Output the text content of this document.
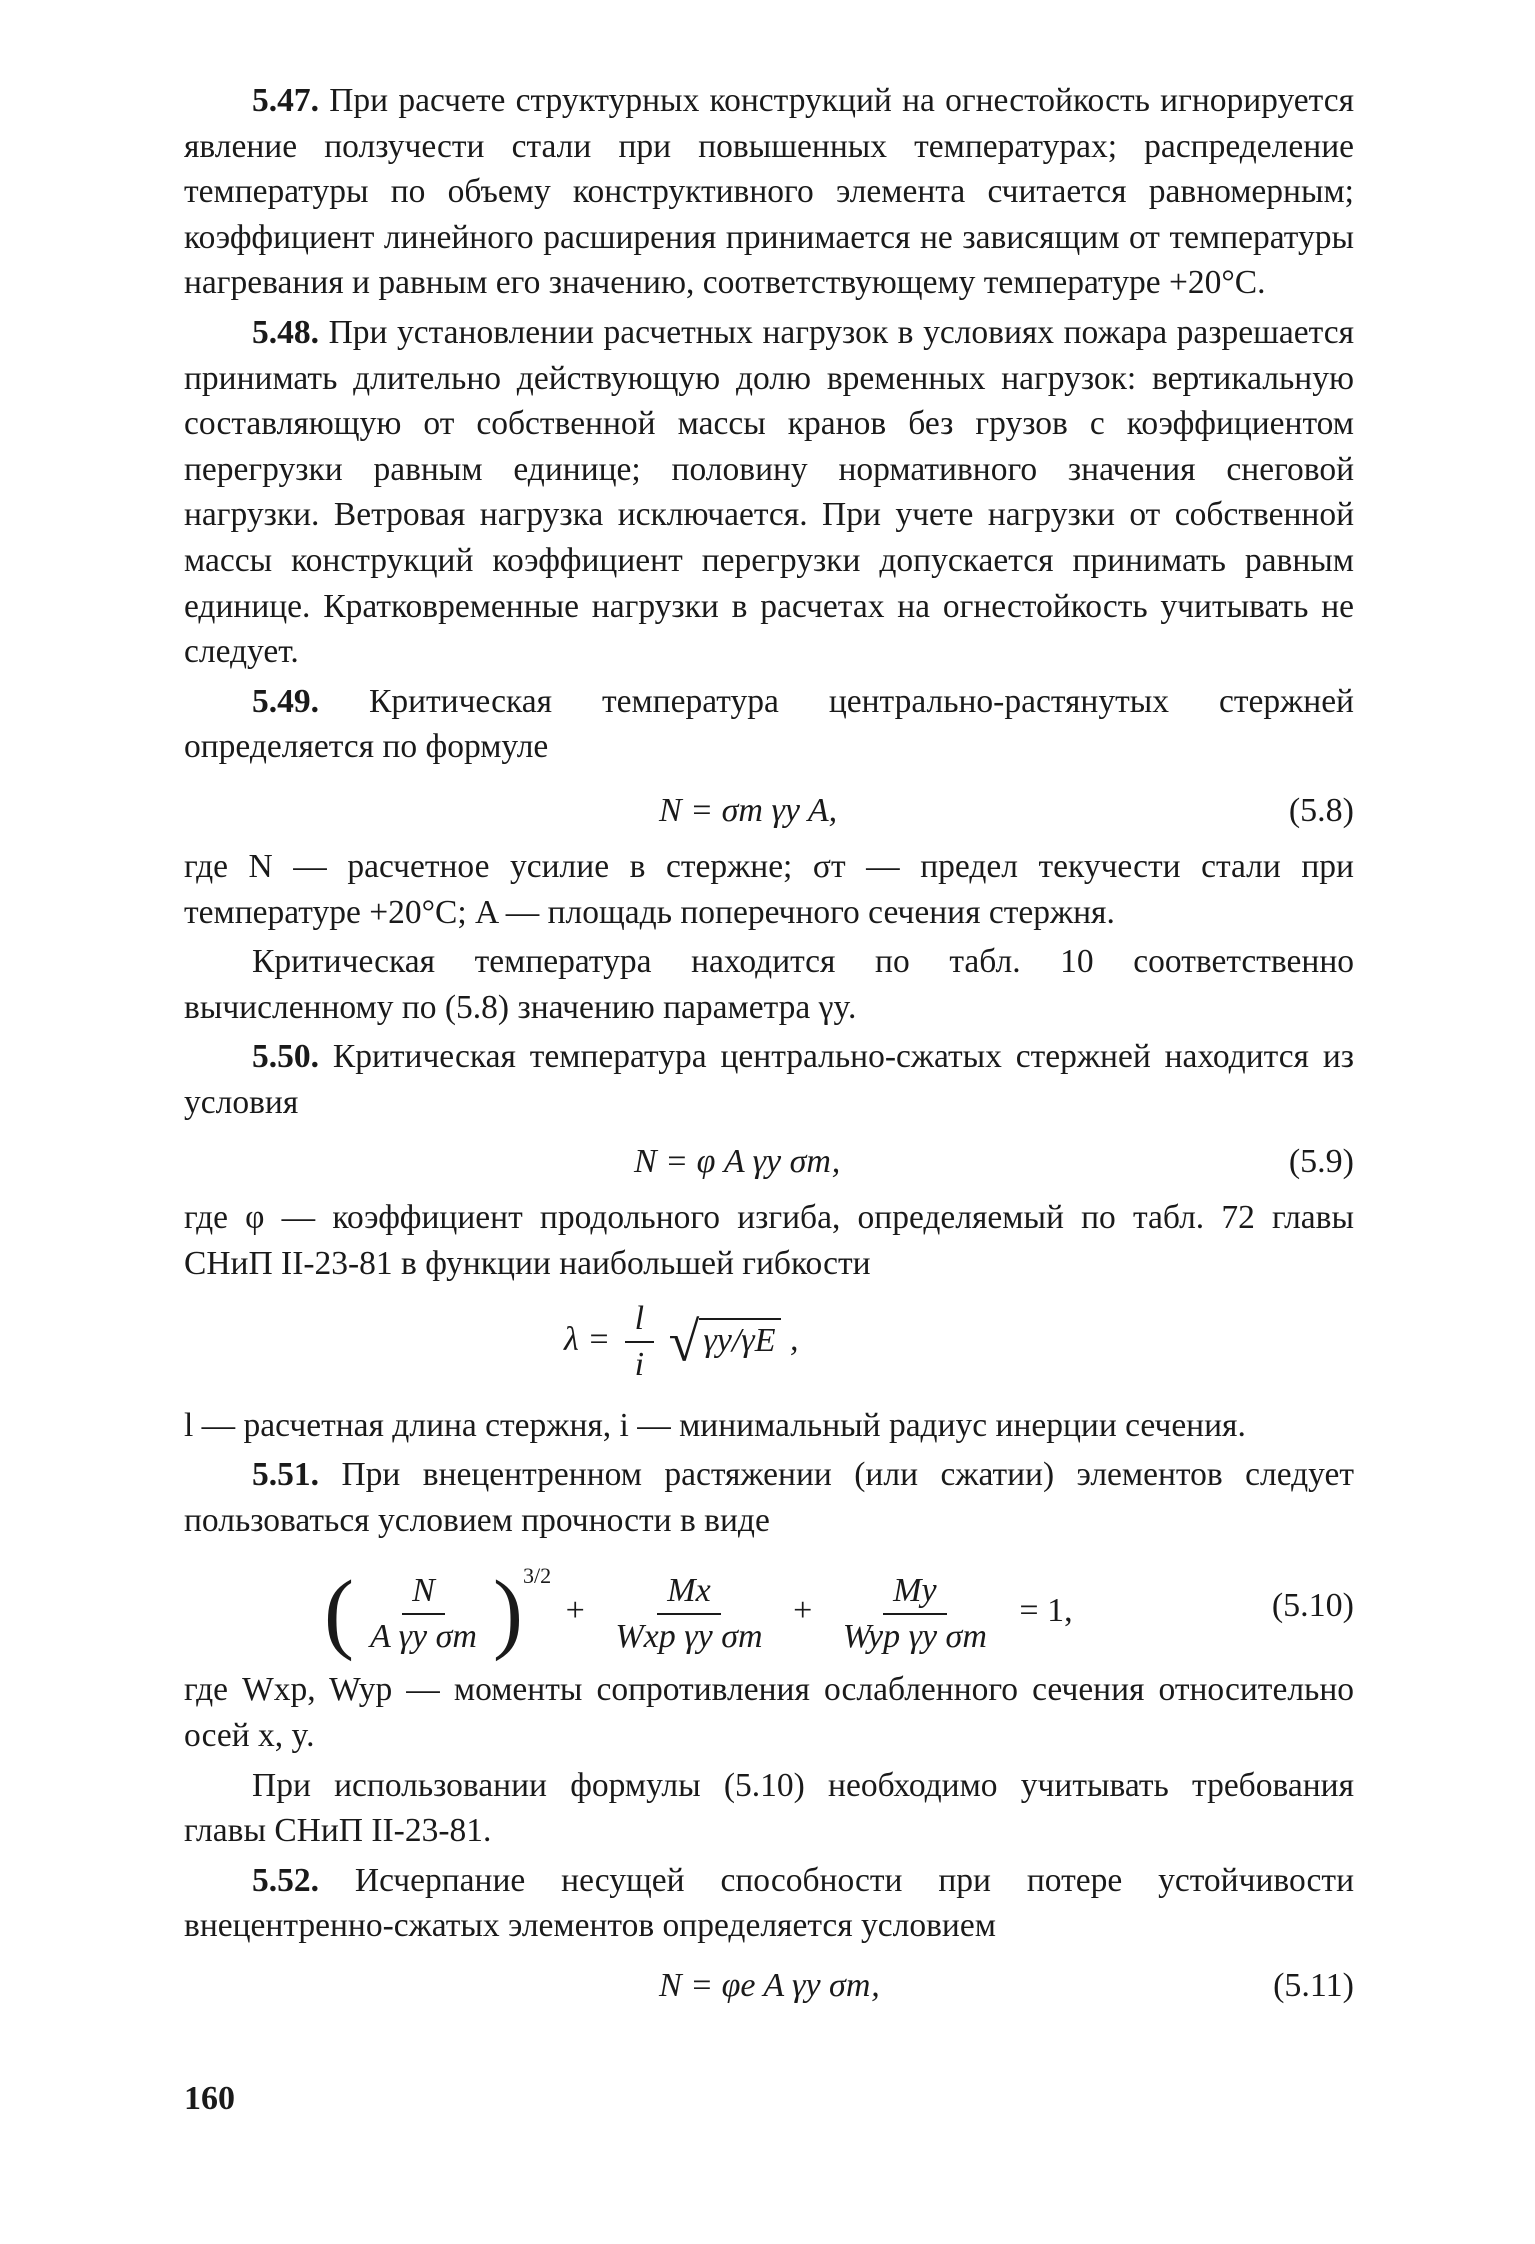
5.47. При расчете структурных конструкций на огнестойкость игнорируется явление ползучести стали при повышенных температурах; распределение температуры по объему конструктивного элемента считается равномерным; коэффициент линейного расширения принимается не зависящим от температуры нагревания и равным его значению, соответствующему температуре +20°С.

5.48. При установлении расчетных нагрузок в условиях пожара разрешается принимать длительно действующую долю временных нагрузок: вертикальную составляющую от собственной массы кранов без грузов с коэффициентом перегрузки равным единице; половину нормативного значения снеговой нагрузки. Ветровая нагрузка исключается. При учете нагрузки от собственной массы конструкций коэффициент перегрузки допускается принимать равным единице. Кратковременные нагрузки в расчетах на огнестойкость учитывать не следует.

5.49. Критическая температура центрально-растянутых стержней определяется по формуле

N = σт γy A,	(5.8)

где N — расчетное усилие в стержне; σт — предел текучести стали при температуре +20°С; A — площадь поперечного сечения стержня.

Критическая температура находится по табл. 10 соответственно вычисленному по (5.8) значению параметра γy.

5.50. Критическая температура центрально-сжатых стержней находится из условия

N = φ A γy σт,	(5.9)

где φ — коэффициент продольного изгиба, определяемый по табл. 72 главы СНиП II-23-81 в функции наибольшей гибкости

$\lambda = \frac{l}{i}$ √ γy/γE ,

l — расчетная длина стержня, i — минимальный радиус инерции сечения.

5.51. При внецентренном растяжении (или сжатии) элементов следует пользоваться условием прочности в виде

( $\frac{N}{\text{A γy σт}} )^{3/2} + \frac{Mx}{\text{Wxp γy σт}} + \frac{My}{\text{Wyp γy σт}} = 1$,	(5.10)

где Wxp, Wyp — моменты сопротивления ослабленного сечения относительно осей x, y.

При использовании формулы (5.10) необходимо учитывать требования главы СНиП II-23-81.

5.52. Исчерпание несущей способности при потере устойчивости внецентренно-сжатых элементов определяется условием

N = φe A γy σт,	(5.11)
160
